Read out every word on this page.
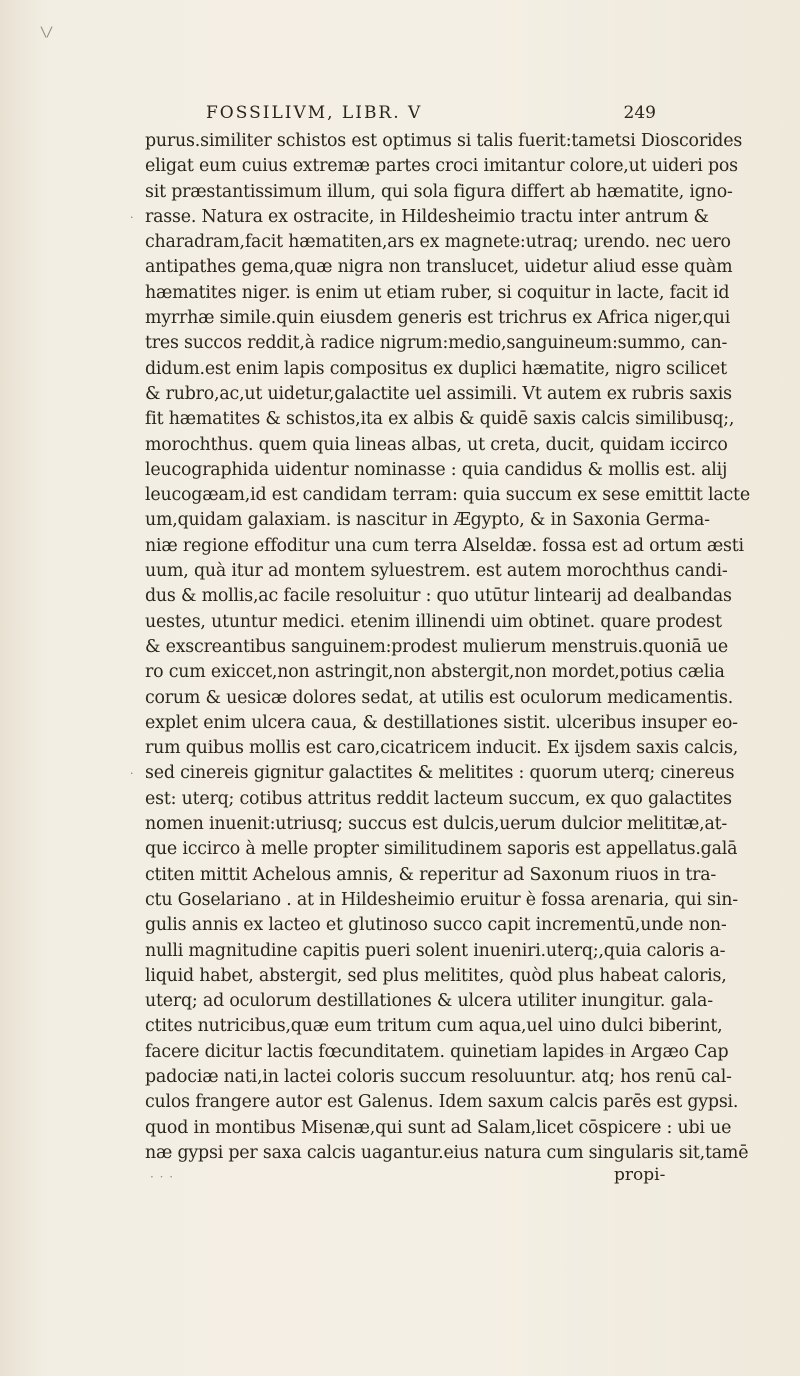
FOSSILIVM, LIBR. V	249
purus.similiter schistos est optimus si talis fuerit:tametsi Dioscorides
eligat eum cuius extremæ partes croci imitantur colore,ut uideri pos
sit præstantissimum illum, qui sola figura differt ab hæmatite, igno-
rasse. Natura ex ostracite, in Hildesheimio tractu inter antrum &
charadram,facit hæmatiten,ars ex magnete:utraq; urendo. nec uero
antipathes gema,quæ nigra non translucet, uidetur aliud esse quàm
hæmatites niger. is enim ut etiam ruber, si coquitur in lacte, facit id
myrrhæ simile.quin eiusdem generis est trichrus ex Africa niger,qui
tres succos reddit,à radice nigrum:medio,sanguineum:summo, can-
didum.est enim lapis compositus ex duplici hæmatite, nigro scilicet
& rubro,ac,ut uidetur,galactite uel assimili. Vt autem ex rubris saxis
fit hæmatites & schistos,ita ex albis & quidē saxis calcis similibusq;,
morochthus. quem quia lineas albas, ut creta, ducit, quidam iccirco
leucographida uidentur nominasse : quia candidus & mollis est. alij
leucogæam,id est candidam terram: quia succum ex sese emittit lacte
um,quidam galaxiam. is nascitur in Ægypto, & in Saxonia Germa-
niæ regione effoditur una cum terra Alseldæ. fossa est ad ortum æsti
uum, quà itur ad montem syluestrem. est autem morochthus candi-
dus & mollis,ac facile resoluitur : quo utūtur lintearij ad dealbandas
uestes, utuntur medici. etenim illinendi uim obtinet. quare prodest
& exscreantibus sanguinem:prodest mulierum menstruis.quoniā ue
ro cum exiccet,non astringit,non abstergit,non mordet,potius cælia
corum & uesicæ dolores sedat, at utilis est oculorum medicamentis.
explet enim ulcera caua, & destillationes sistit. ulceribus insuper eo-
rum quibus mollis est caro,cicatricem inducit. Ex ijsdem saxis calcis,
sed cinereis gignitur galactites & melitites : quorum uterq; cinereus
est: uterq; cotibus attritus reddit lacteum succum, ex quo galactites
nomen inuenit:utriusq; succus est dulcis,uerum dulcior melititæ,at-
que iccirco à melle propter similitudinem saporis est appellatus.galā
ctiten mittit Achelous amnis, & reperitur ad Saxonum riuos in tra-
ctu Goselariano . at in Hildesheimio eruitur è fossa arenaria, qui sin-
gulis annis ex lacteo et glutinoso succo capit incrementū,unde non-
nulli magnitudine capitis pueri solent inueniri.uterq;,quia caloris a-
liquid habet, abstergit, sed plus melitites, quòd plus habeat caloris,
uterq; ad oculorum destillationes & ulcera utiliter inungitur. gala-
ctites nutricibus,quæ eum tritum cum aqua,uel uino dulci biberint,
facere dicitur lactis fœcunditatem. quinetiam lapides in Argæo Cap
padociæ nati,in lactei coloris succum resoluuntur. atq; hos renū cal-
culos frangere autor est Galenus. Idem saxum calcis parēs est gypsi.
quod in montibus Misenæ,qui sunt ad Salam,licet cōspicere : ubi ue
næ gypsi per saxa calcis uagantur.eius natura cum singularis sit,tamē
· · ·	propi-
·
·
